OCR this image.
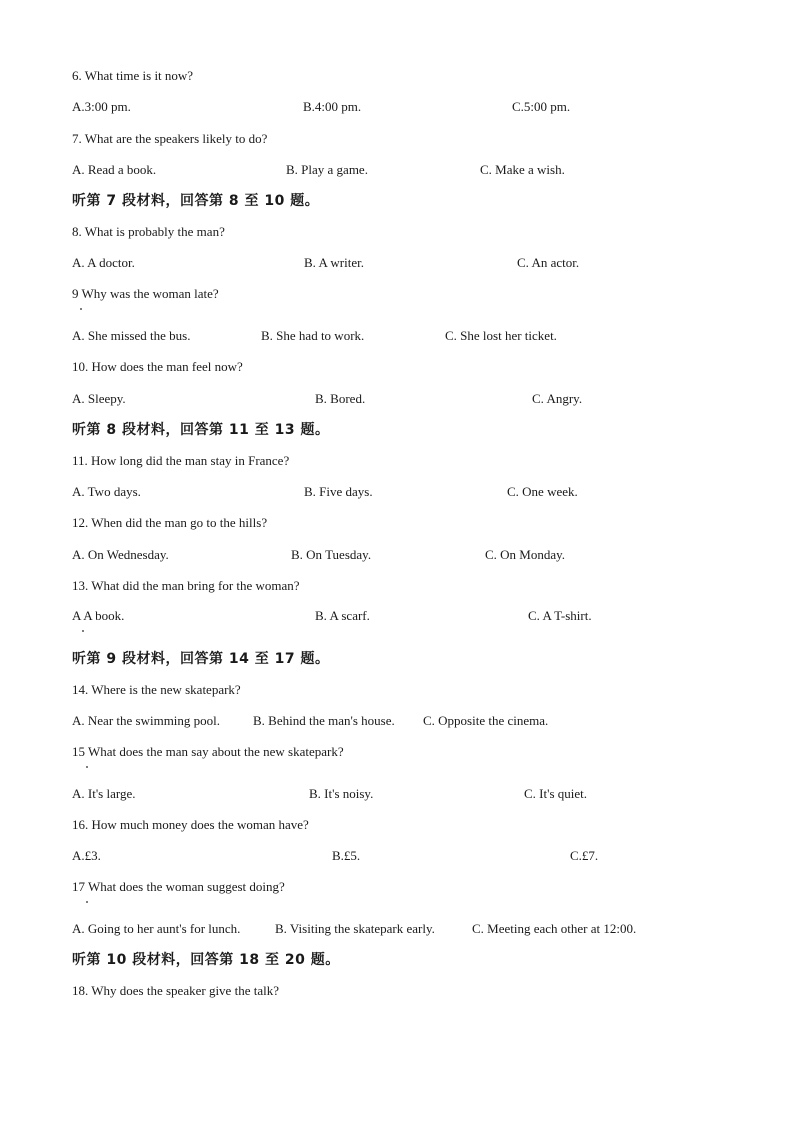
6. What time is it now?
A.3:00 pm.	B.4:00 pm.	C.5:00 pm.
7. What are the speakers likely to do?
A. Read a book.	B. Play a game.	C. Make a wish.
听第 7 段材料，回答第 8 至 10 题。
8. What is probably the man?
A. A doctor.	B. A writer.	C. An actor.
9 Why was the woman late?
A. She missed the bus.	B. She had to work.	C. She lost her ticket.
10. How does the man feel now?
A. Sleepy.	B. Bored.	C. Angry.
听第 8 段材料，回答第 11 至 13 题。
11. How long did the man stay in France?
A. Two days.	B. Five days.	C. One week.
12. When did the man go to the hills?
A. On Wednesday.	B. On Tuesday.	C. On Monday.
13. What did the man bring for the woman?
A A book.	B. A scarf.	C. A T-shirt.
听第 9 段材料，回答第 14 至 17 题。
14. Where is the new skatepark?
A. Near the swimming pool.	B. Behind the man's house. C. Opposite the cinema.
15 What does the man say about the new skatepark?
A. It's large.	B. It's noisy.	C. It's quiet.
16. How much money does the woman have?
A.£3.	B.£5.	C.£7.
17 What does the woman suggest doing?
A. Going to her aunt's for lunch.	B. Visiting the skatepark early.	C. Meeting each other at 12:00.
听第 10 段材料，回答第 18 至 20 题。
18. Why does the speaker give the talk?
